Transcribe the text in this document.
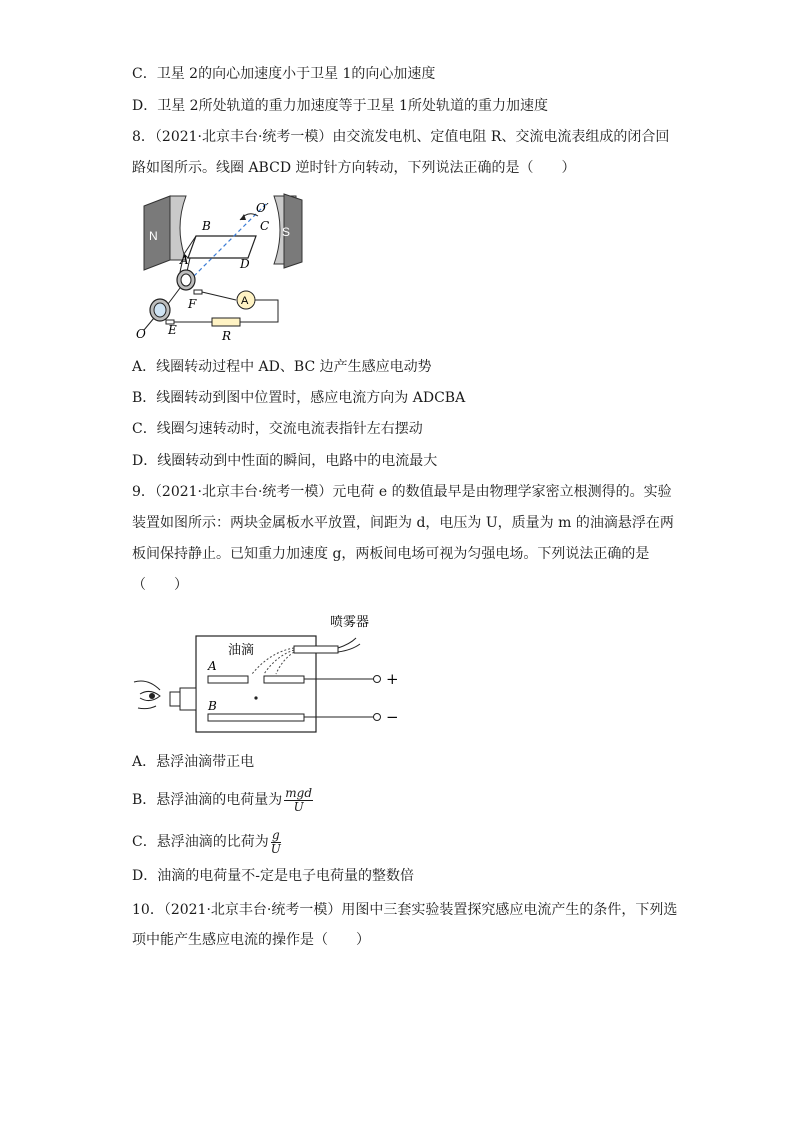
C．卫星 2的向心加速度小于卫星 1的向心加速度
D．卫星 2所处轨道的重力加速度等于卫星 1所处轨道的重力加速度
8．（2021·北京丰台·统考一模）由交流发电机、定值电阻 R、交流电流表组成的闭合回
路如图所示。线圈 ABCD 逆时针方向转动，下列说法正确的是（　　）
N	S
B	C
O′
A	D
F
E
O
A
R
A．线圈转动过程中 AD、BC 边产生感应电动势
B．线圈转动到图中位置时，感应电流方向为 ADCBA
C．线圈匀速转动时，交流电流表指针左右摆动
D．线圈转动到中性面的瞬间，电路中的电流最大
9．（2021·北京丰台·统考一模）元电荷 e 的数值最早是由物理学家密立根测得的。实验
装置如图所示：两块金属板水平放置，间距为 d，电压为 U，质量为 m 的油滴悬浮在两
板间保持静止。已知重力加速度 g，两板间电场可视为匀强电场。下列说法正确的是
（　　）
喷雾器
油滴
A
B
+
−
A．悬浮油滴带正电
B．悬浮油滴的电荷量为 $\frac{\text{mgd}}{U}$
C．悬浮油滴的比荷为 $\frac{g}{U}$
D．油滴的电荷量不-定是电子电荷量的整数倍
10．（2021·北京丰台·统考一模）用图中三套实验装置探究感应电流产生的条件，下列选
项中能产生感应电流的操作是（　　）
